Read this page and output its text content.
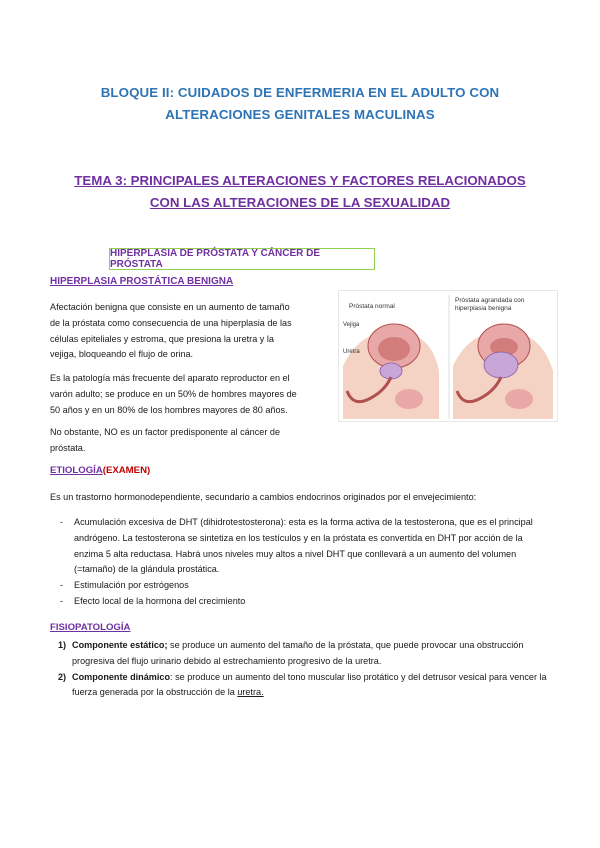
BLOQUE II: CUIDADOS DE ENFERMERIA EN EL ADULTO CON
ALTERACIONES GENITALES MACULINAS
TEMA 3: PRINCIPALES ALTERACIONES Y FACTORES RELACIONADOS
CON LAS ALTERACIONES DE LA SEXUALIDAD
HIPERPLASIA DE PRÓSTATA Y CÁNCER DE PRÓSTATA
HIPERPLASIA PROSTÁTICA BENIGNA
Afectación benigna que consiste en un aumento de tamaño
de la próstata como consecuencia de una hiperplasia de las
células epiteliales y estroma, que presiona la uretra y la
vejiga, bloqueando el flujo de orina.
Es la patología más frecuente del aparato reproductor en el
varón adulto; se produce en un 50% de hombres mayores de
50 años y en un 80% de los hombres mayores de 80 años.
No obstante, NO es un factor predisponente al cáncer de
próstata.
Próstata normal
Vejiga
Uretra
Próstata agrandada con
hiperplasia benigna
ETIOLOGÍA(EXAMEN)
Es un trastorno hormonodependiente, secundario a cambios endocrinos originados por el envejecimiento:
- Acumulación excesiva de DHT (dihidrotestosterona): esta es la forma activa de la testosterona, que es el principal andrógeno. La testosterona se sintetiza en los testículos y en la próstata es convertida en DHT por acción de la enzima 5 alta reductasa. Habrá unos niveles muy altos a nivel DHT que conllevará a un aumento del volumen (=tamaño) de la glándula prostática.
- Estimulación por estrógenos
- Efecto local de la hormona del crecimiento
FISIOPATOLOGÍA
1) Componente estático; se produce un aumento del tamaño de la próstata, que puede provocar una obstrucción progresiva del flujo urinario debido al estrechamiento progresivo de la uretra.
2) Componente dinámico: se produce un aumento del tono muscular liso protático y del detrusor vesical para vencer la fuerza generada por la obstrucción de la uretra.
